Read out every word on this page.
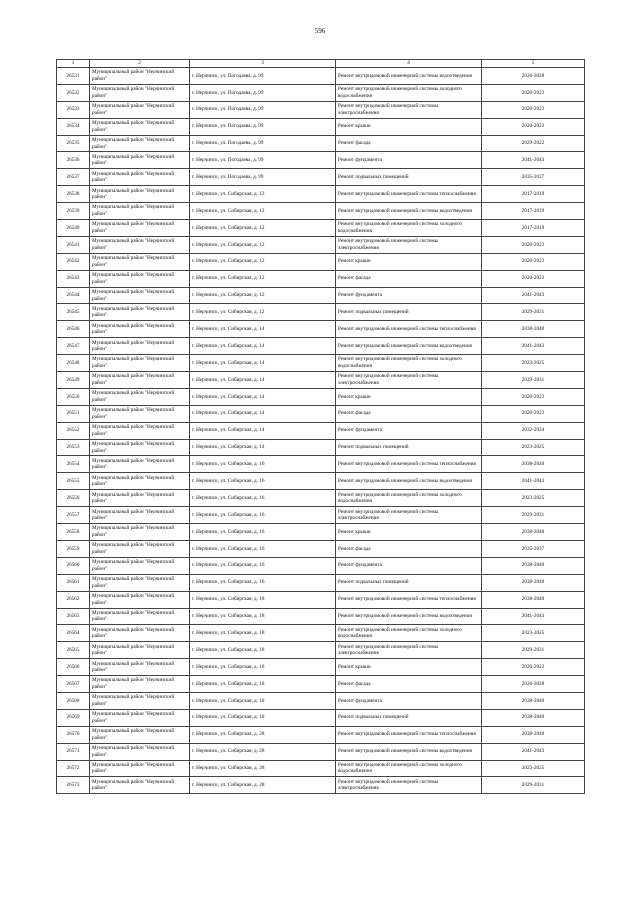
596
1	2	3	4	5
26531	Муниципальный район "Нерчинский район"	г. Нерчинск, ул. Погодаева, д. 99	Ремонт внутридомовой инженерной системы водоотведения	2026-2028
26532	Муниципальный район "Нерчинский район"	г. Нерчинск, ул. Погодаева, д. 99	Ремонт внутридомовой инженерной системы холодного водоснабжения	2020-2022
26533	Муниципальный район "Нерчинский район"	г. Нерчинск, ул. Погодаева, д. 99	Ремонт внутридомовой инженерной системы электроснабжения	2020-2022
26534	Муниципальный район "Нерчинский район"	г. Нерчинск, ул. Погодаева, д. 99	Ремонт крыши	2020-2022
26535	Муниципальный район "Нерчинский район"	г. Нерчинск, ул. Погодаева, д. 99	Ремонт фасада	2029-2022
26536	Муниципальный район "Нерчинский район"	г. Нерчинск, ул. Погодаева, д. 99	Ремонт фундамента	2041-2043
26537	Муниципальный район "Нерчинский район"	г. Нерчинск, ул. Погодаева, д. 99	Ремонт подвальных помещений	2035-2037
26538	Муниципальный район "Нерчинский район"	г. Нерчинск, ул. Сибирская, д. 12	Ремонт внутридомовой инженерной системы теплоснабжения	2017-2019
26539	Муниципальный район "Нерчинский район"	г. Нерчинск, ул. Сибирская, д. 12	Ремонт внутридомовой инженерной системы водоотведения	2017-2019
26540	Муниципальный район "Нерчинский район"	г. Нерчинск, ул. Сибирская, д. 12	Ремонт внутридомовой инженерной системы холодного водоснабжения	2017-2019
26541	Муниципальный район "Нерчинский район"	г. Нерчинск, ул. Сибирская, д. 12	Ремонт внутридомовой инженерной системы электроснабжения	2020-2022
26542	Муниципальный район "Нерчинский район"	г. Нерчинск, ул. Сибирская, д. 12	Ремонт крыши	2020-2022
26543	Муниципальный район "Нерчинский район"	г. Нерчинск, ул. Сибирская, д. 12	Ремонт фасада	2020-2022
26544	Муниципальный район "Нерчинский район"	г. Нерчинск, ул. Сибирская, д. 12	Ремонт фундамента	2041-2043
26545	Муниципальный район "Нерчинский район"	г. Нерчинск, ул. Сибирская, д. 12	Ремонт подвальных помещений	2029-2031
26546	Муниципальный район "Нерчинский район"	г. Нерчинск, ул. Сибирская, д. 14	Ремонт внутридомовой инженерной системы теплоснабжения	2038-2040
26547	Муниципальный район "Нерчинский район"	г. Нерчинск, ул. Сибирская, д. 14	Ремонт внутридомовой инженерной системы водоотведения	2041-2043
26548	Муниципальный район "Нерчинский район"	г. Нерчинск, ул. Сибирская, д. 14	Ремонт внутридомовой инженерной системы холодного водоснабжения	2023-2025
26549	Муниципальный район "Нерчинский район"	г. Нерчинск, ул. Сибирская, д. 14	Ремонт внутридомовой инженерной системы электроснабжения	2029-2031
26550	Муниципальный район "Нерчинский район"	г. Нерчинск, ул. Сибирская, д. 14	Ремонт крыши	2020-2022
26551	Муниципальный район "Нерчинский район"	г. Нерчинск, ул. Сибирская, д. 14	Ремонт фасада	2020-2022
26552	Муниципальный район "Нерчинский район"	г. Нерчинск, ул. Сибирская, д. 14	Ремонт фундамента	2032-2034
26553	Муниципальный район "Нерчинский район"	г. Нерчинск, ул. Сибирская, д. 14	Ремонт подвальных помещений	2023-2025
26554	Муниципальный район "Нерчинский район"	г. Нерчинск, ул. Сибирская, д. 16	Ремонт внутридомовой инженерной системы теплоснабжения	2038-2040
26555	Муниципальный район "Нерчинский район"	г. Нерчинск, ул. Сибирская, д. 16	Ремонт внутридомовой инженерной системы водоотведения	2041-2043
26556	Муниципальный район "Нерчинский район"	г. Нерчинск, ул. Сибирская, д. 16	Ремонт внутридомовой инженерной системы холодного водоснабжения	2023-2025
26557	Муниципальный район "Нерчинский район"	г. Нерчинск, ул. Сибирская, д. 16	Ремонт внутридомовой инженерной системы электроснабжения	2029-2031
26558	Муниципальный район "Нерчинский район"	г. Нерчинск, ул. Сибирская, д. 16	Ремонт крыши	2038-2040
26559	Муниципальный район "Нерчинский район"	г. Нерчинск, ул. Сибирская, д. 16	Ремонт фасада	2035-2037
26560	Муниципальный район "Нерчинский район"	г. Нерчинск, ул. Сибирская, д. 16	Ремонт фундамента	2038-2040
26561	Муниципальный район "Нерчинский район"	г. Нерчинск, ул. Сибирская, д. 16	Ремонт подвальных помещений	2038-2040
26562	Муниципальный район "Нерчинский район"	г. Нерчинск, ул. Сибирская, д. 18	Ремонт внутридомовой инженерной системы теплоснабжения	2038-2040
26563	Муниципальный район "Нерчинский район"	г. Нерчинск, ул. Сибирская, д. 18	Ремонт внутридомовой инженерной системы водоотведения	2041-2043
26564	Муниципальный район "Нерчинский район"	г. Нерчинск, ул. Сибирская, д. 18	Ремонт внутридомовой инженерной системы холодного водоснабжения	2023-2025
26565	Муниципальный район "Нерчинский район"	г. Нерчинск, ул. Сибирская, д. 18	Ремонт внутридомовой инженерной системы электроснабжения	2029-2031
26566	Муниципальный район "Нерчинский район"	г. Нерчинск, ул. Сибирская, д. 18	Ремонт крыши	2020-2022
26567	Муниципальный район "Нерчинский район"	г. Нерчинск, ул. Сибирская, д. 18	Ремонт фасада	2026-2028
26568	Муниципальный район "Нерчинский район"	г. Нерчинск, ул. Сибирская, д. 18	Ремонт фундамента	2038-2040
26569	Муниципальный район "Нерчинский район"	г. Нерчинск, ул. Сибирская, д. 18	Ремонт подвальных помещений	2038-2040
26570	Муниципальный район "Нерчинский район"	г. Нерчинск, ул. Сибирская, д. 28	Ремонт внутридомовой инженерной системы теплоснабжения	2038-2040
26571	Муниципальный район "Нерчинский район"	г. Нерчинск, ул. Сибирская, д. 28	Ремонт внутридомовой инженерной системы водоотведения	2041-2043
26572	Муниципальный район "Нерчинский район"	г. Нерчинск, ул. Сибирская, д. 28	Ремонт внутридомовой инженерной системы холодного водоснабжения	2023-2025
26573	Муниципальный район "Нерчинский район"	г. Нерчинск, ул. Сибирская, д. 28	Ремонт внутридомовой инженерной системы электроснабжения	2029-2031
